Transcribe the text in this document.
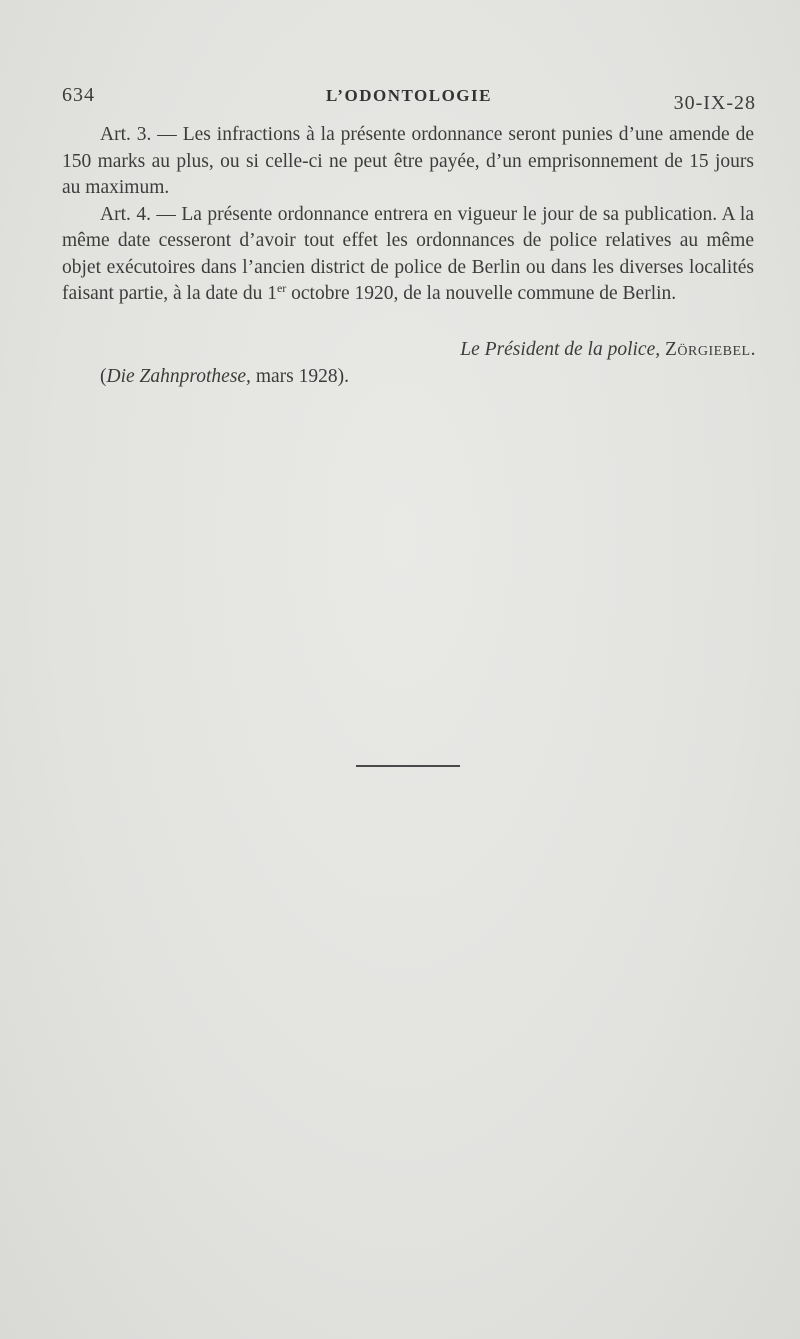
634	L’ODONTOLOGIE	30-IX-28

Art. 3. — Les infractions à la présente ordonnance seront punies d’une amende de 150 marks au plus, ou si celle-ci ne peut être payée, d’un emprisonnement de 15 jours au maximum.

Art. 4. — La présente ordonnance entrera en vigueur le jour de sa publication. A la même date cesseront d’avoir tout effet les ordonnances de police relatives au même objet exécutoires dans l’ancien district de police de Berlin ou dans les diverses localités faisant partie, à la date du 1er octobre 1920, de la nouvelle commune de Berlin.

Le Président de la police, Zörgiebel.
(Die Zahnprothese, mars 1928).
